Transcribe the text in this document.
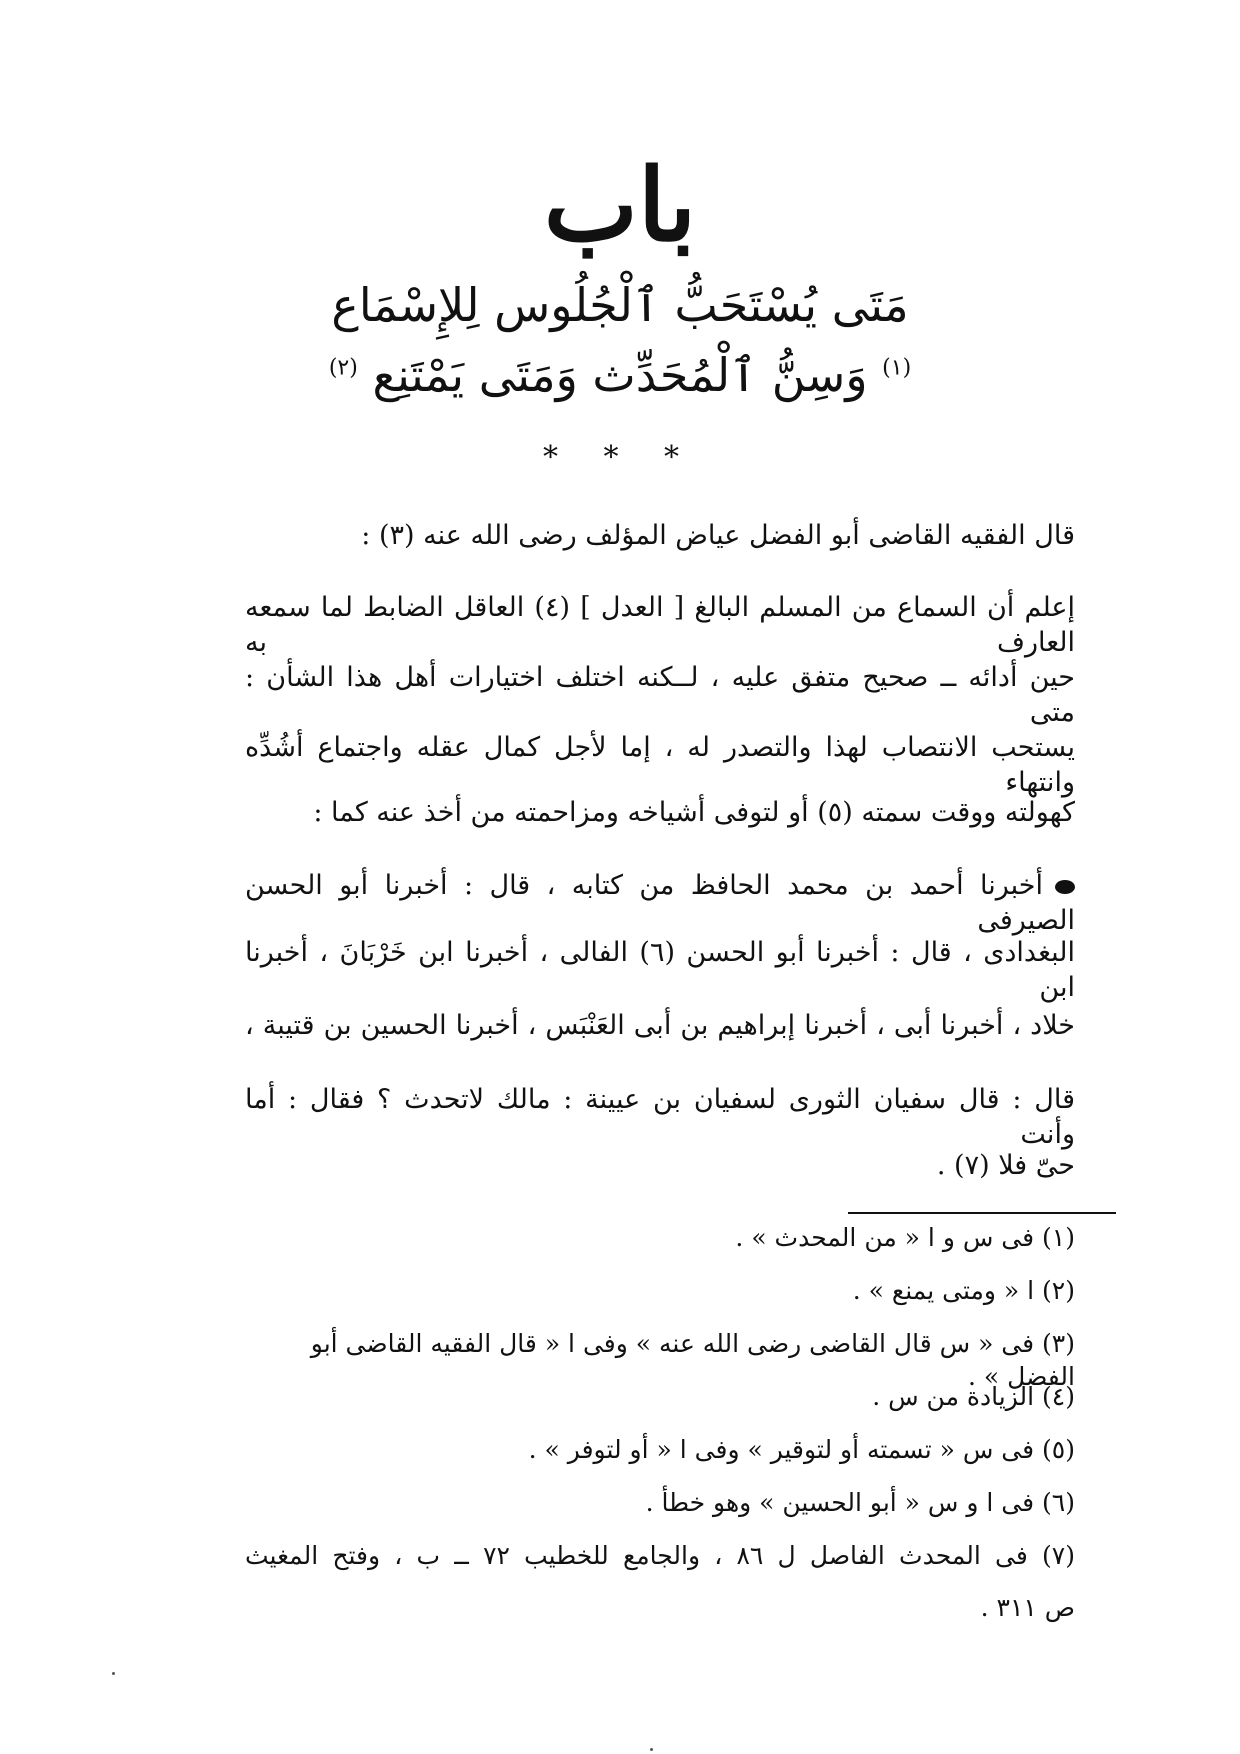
باب
مَتَى يُسْتَحَبُّ ٱلْجُلُوس لِلإِسْمَاع
$^{(١)}$ وَسِنُّ ٱلْمُحَدِّث وَمَتَى يَمْتَنِع $^{(٢)}$
* * *
قال الفقيه القاضى أبو الفضل عياض المؤلف رضى الله عنه (٣) :
إعلم أن السماع من المسلم البالغ [ العدل ] (٤) العاقل الضابط لما سمعه العارف به
حين أدائه ــ صحيح متفق عليه ، لــكنه اختلف اختيارات أهل هذا الشأن : متى
يستحب الانتصاب لهذا والتصدر له ، إما لأجل كمال عقله واجتماع أشُدِّه وانتهاء
كهولته ووقت سمته (٥) أو لتوفى أشياخه ومزاحمته من أخذ عنه كما :
أخبرنا أحمد بن محمد الحافظ من كتابه ، قال : أخبرنا أبو الحسن الصيرفى
البغدادى ، قال : أخبرنا أبو الحسن (٦) الفالى ، أخبرنا ابن خَرْبَانَ ، أخبرنا ابن
خلاد ، أخبرنا أبى ، أخبرنا إبراهيم بن أبى العَنْبَس ، أخبرنا الحسين بن قتيبة ،
قال : قال سفيان الثورى لسفيان بن عيينة : مالك لاتحدث ؟ فقال : أما وأنت
حىّ فلا (٧) .
(١) فى س و ا « من المحدث » .
(٢) ا « ومتى يمنع » .
(٣) فى « س قال القاضى رضى الله عنه » وفى ا « قال الفقيه القاضى أبو الفضل » .
(٤) الزيادة من س .
(٥) فى س « تسمته أو لتوقير » وفى ا « أو لتوفر » .
(٦) فى ا و س « أبو الحسين » وهو خطأ .
(٧) فى المحدث الفاصل ل ٨٦ ، والجامع للخطيب ٧٢ ــ ب ، وفتح المغيث
ص ٣١١ .
